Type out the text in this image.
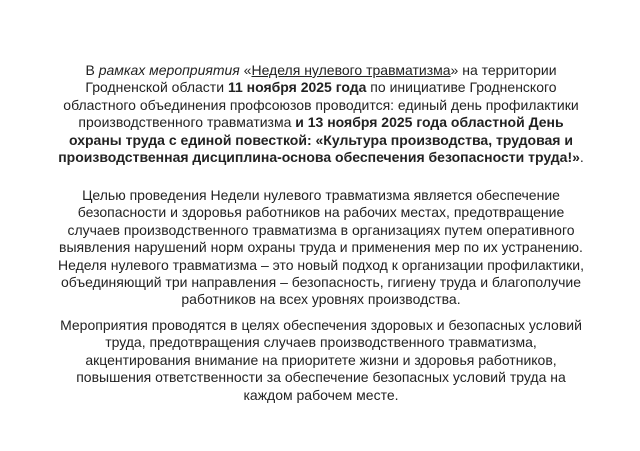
В рамках мероприятия «Неделя нулевого травматизма» на территории Гродненской области 11 ноября 2025 года по инициативе Гродненского областного объединения профсоюзов проводится: единый день профилактики производственного травматизма и 13 ноября 2025 года областной День охраны труда с единой повесткой: «Культура производства, трудовая и производственная дисциплина-основа обеспечения безопасности труда!».

Целью проведения Недели нулевого травматизма является обеспечение безопасности и здоровья работников на рабочих местах, предотвращение случаев производственного травматизма в организациях путем оперативного выявления нарушений норм охраны труда и применения мер по их устранению. Неделя нулевого травматизма – это новый подход к организации профилактики, объединяющий три направления – безопасность, гигиену труда и благополучие работников на всех уровнях производства.

Мероприятия проводятся в целях обеспечения здоровых и безопасных условий труда, предотвращения случаев производственного травматизма, акцентирования внимание на приоритете жизни и здоровья работников, повышения ответственности за обеспечение безопасных условий труда на каждом рабочем месте.
